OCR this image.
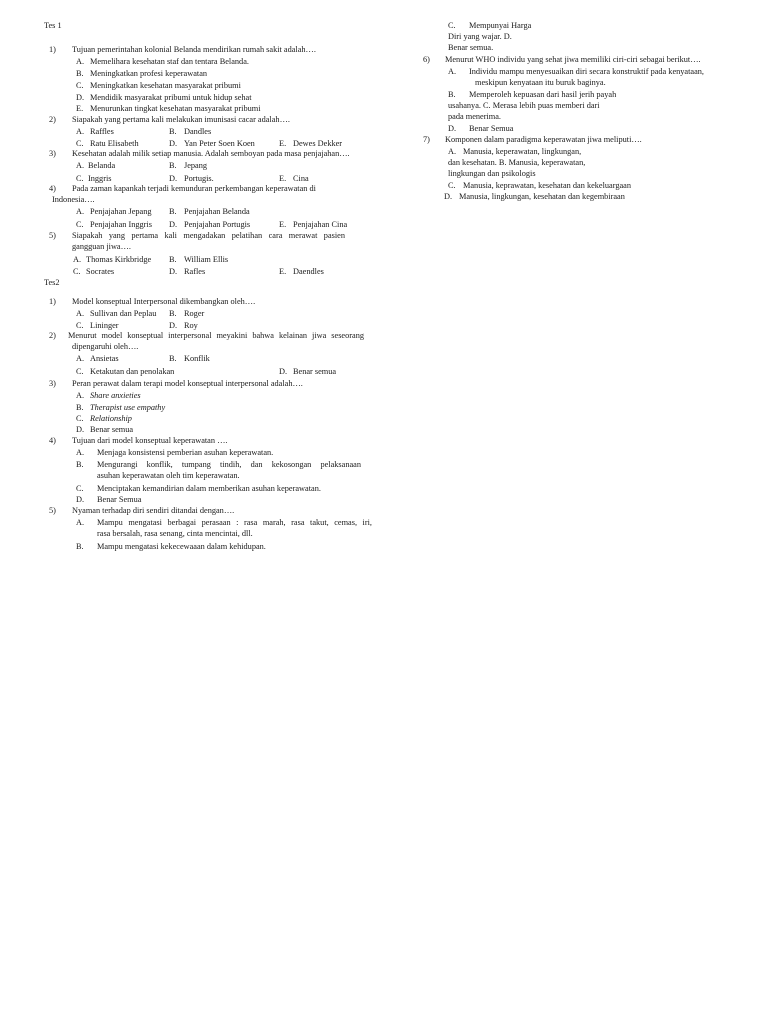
Tes 1
1) Tujuan pemerintahan kolonial Belanda mendirikan rumah sakit adalah….
A. Memelihara kesehatan staf dan tentara Belanda.
B. Meningkatkan profesi keperawatan
C. Meningkatkan kesehatan masyarakat pribumi
D. Mendidik masyarakat pribumi untuk hidup sehat
E. Menurunkan tingkat kesehatan masyarakat pribumi
2) Siapakah yang pertama kali melakukan imunisasi cacar adalah….
A. Raffles	B. Dandles
C. Ratu Elisabeth	D. Yan Peter Soen Koen	E. Dewes Dekker
3) Kesehatan adalah milik setiap manusia. Adalah semboyan pada masa penjajahan….
A. Belanda	B. Jepang
C. Inggris	D. Portugis.	E. Cina
4) Pada zaman kapankah terjadi kemunduran perkembangan keperawatan di
Indonesia….
A. Penjajahan Jepang B. Penjajahan Belanda
C. Penjajahan Inggris D. Penjajahan Portugis	E. Penjajahan Cina
5) Siapakah yang pertama kali mengadakan pelatihan cara merawat pasien
gangguan jiwa….
A. Thomas Kirkbridge B. William Ellis
C. Socrates	D. Rafles	E. Daendles
Tes2
1) Model konseptual Interpersonal dikembangkan oleh….
A. Sullivan dan Peplau B. Roger
C. Lininger	D. Roy
2) Menurut model konseptual interpersonal meyakini bahwa kelainan jiwa seseorang
dipengaruhi oleh….
A. Ansietas	B. Konflik
C. Ketakutan dan penolakan	D. Benar semua
3) Peran perawat dalam terapi model konseptual interpersonal adalah….
A. Share anxieties
B. Therapist use empathy
C. Relationship
D. Benar semua
4) Tujuan dari model konseptual keperawatan ….
A. Menjaga konsistensi pemberian asuhan keperawatan.
B. Mengurangi konflik, tumpang tindih, dan kekosongan pelaksanaan
asuhan keperawatan oleh tim keperawatan.
C. Menciptakan kemandirian dalam memberikan asuhan keperawatan.
D. Benar Semua
5) Nyaman terhadap diri sendiri ditandai dengan….
A. Mampu mengatasi berbagai perasaan : rasa marah, rasa takut, cemas, iri,
rasa bersalah, rasa senang, cinta mencintai, dll.
B. Mampu mengatasi kekecewaaan dalam kehidupan.
C. Mempunyai Harga
Diri yang wajar. D.
Benar semua.
6) Menurut WHO individu yang sehat jiwa memiliki ciri-ciri sebagai berikut….
A. Individu mampu menyesuaikan diri secara konstruktif pada kenyataan,
meskipun kenyataan itu buruk baginya.
B. Memperoleh kepuasan dari hasil jerih payah
usahanya. C. Merasa lebih puas memberi dari
pada menerima.
D. Benar Semua
7) Komponen dalam paradigma keperawatan jiwa meliputi….
A. Manusia, keperawatan, lingkungan,
dan kesehatan. B. Manusia, keperawatan,
lingkungan dan psikologis
C. Manusia, keprawatan, kesehatan dan kekeluargaan
D. Manusia, lingkungan, kesehatan dan kegembiraan
